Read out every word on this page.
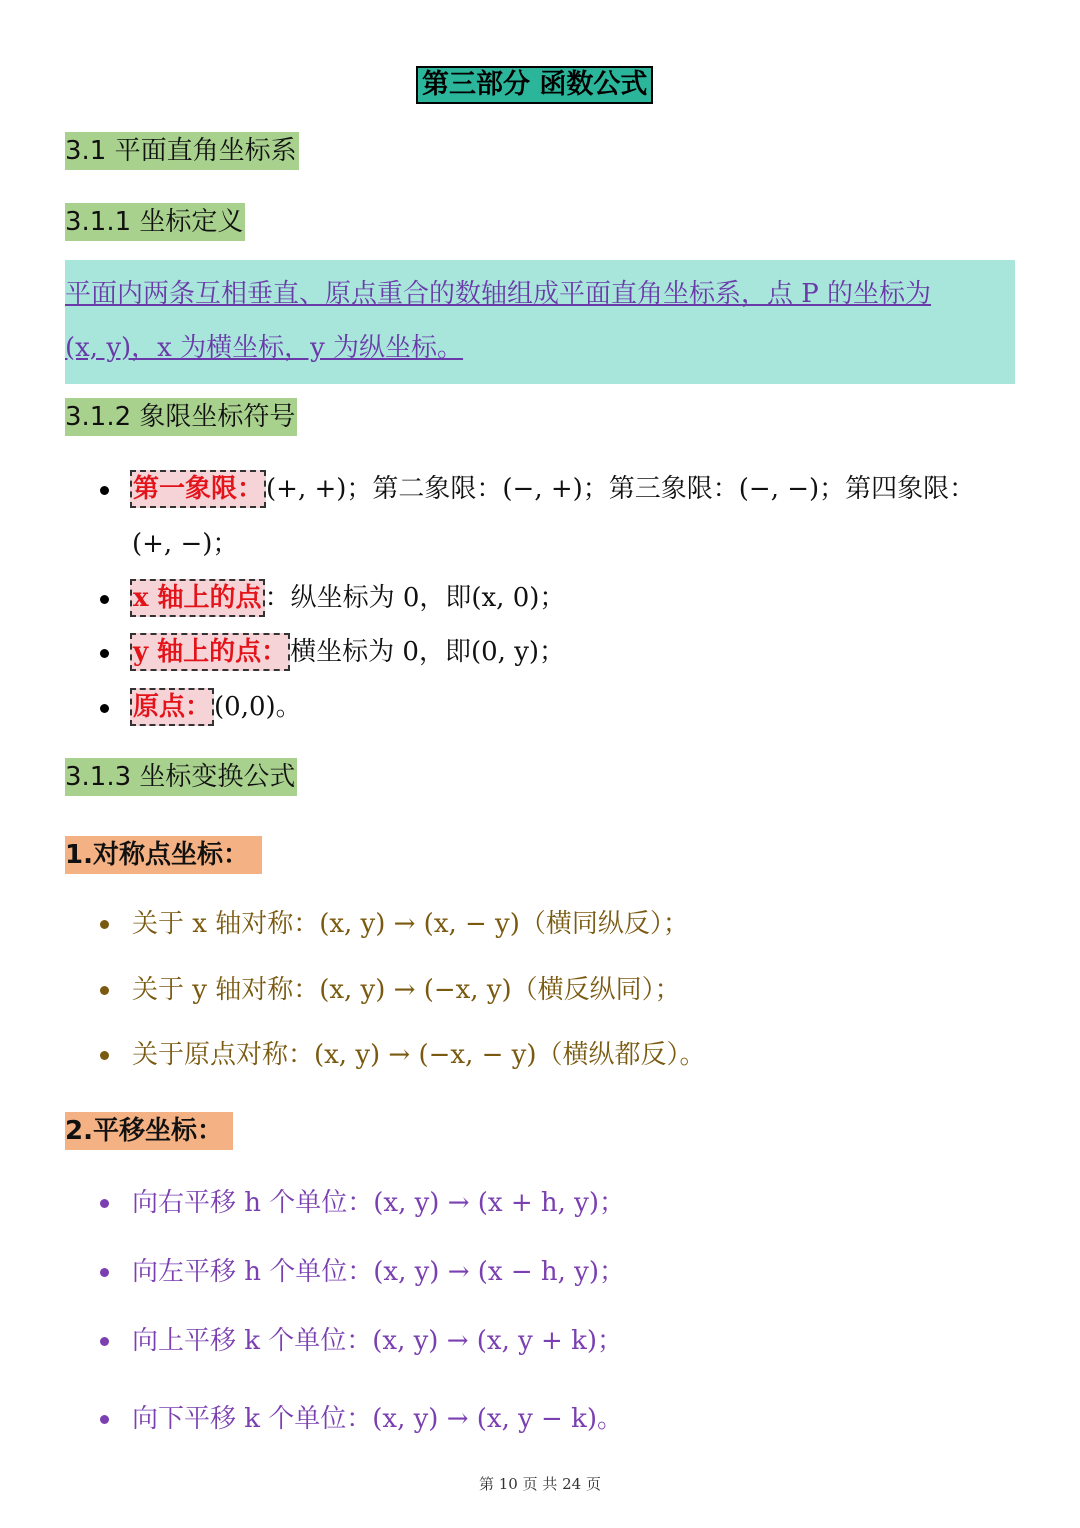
第三部分 函数公式
3.1 平面直角坐标系
3.1.1 坐标定义
平面内两条互相垂直、原点重合的数轴组成平面直角坐标系，点 P 的坐标为
(x, y)，x 为横坐标，y 为纵坐标。
3.1.2 象限坐标符号
第一象限： (+, +)；第二象限：(−, +)；第三象限：(−, −)；第四象限：
(+, −)；
x 轴上的点 ：纵坐标为 0，即(x, 0)；
y 轴上的点： 横坐标为 0，即(0, y)；
原点： (0,0)。
3.1.3 坐标变换公式
1.对称点坐标：
关于 x 轴对称：(x, y) → (x, − y)（横同纵反）；
关于 y 轴对称：(x, y) → (−x, y)（横反纵同）；
关于原点对称：(x, y) → (−x, − y)（横纵都反）。
2.平移坐标：
向右平移 h 个单位：(x, y) → (x + h, y)；
向左平移 h 个单位：(x, y) → (x − h, y)；
向上平移 k 个单位：(x, y) → (x, y + k)；
向下平移 k 个单位：(x, y) → (x, y − k)。
第 10 页 共 24 页
